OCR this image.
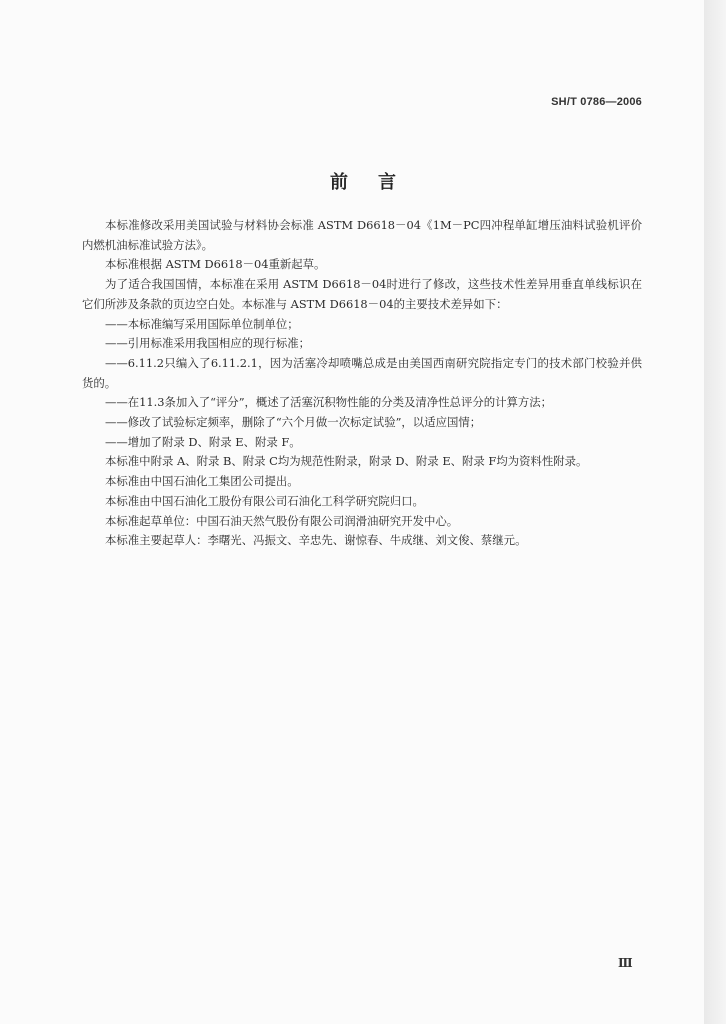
SH/T 0786—2006
前言

本标准修改采用美国试验与材料协会标准 ASTM D6618－04《1M－PC四冲程单缸增压油料试验机评价内燃机油标准试验方法》。

本标准根据 ASTM D6618－04重新起草。

为了适合我国国情，本标准在采用 ASTM D6618－04时进行了修改，这些技术性差异用垂直单线标识在它们所涉及条款的页边空白处。本标准与 ASTM D6618－04的主要技术差异如下：

——本标准编写采用国际单位制单位；

——引用标准采用我国相应的现行标准；

——6.11.2只编入了6.11.2.1，因为活塞冷却喷嘴总成是由美国西南研究院指定专门的技术部门校验并供货的。

——在11.3条加入了“评分”，概述了活塞沉积物性能的分类及清净性总评分的计算方法；

——修改了试验标定频率，删除了“六个月做一次标定试验”，以适应国情；

——增加了附录 D、附录 E、附录 F。

本标准中附录 A、附录 B、附录 C均为规范性附录，附录 D、附录 E、附录 F均为资料性附录。

本标准由中国石油化工集团公司提出。

本标准由中国石油化工股份有限公司石油化工科学研究院归口。

本标准起草单位：中国石油天然气股份有限公司润滑油研究开发中心。

本标准主要起草人：李曙光、冯振文、辛忠先、谢惊春、牛成继、刘文俊、蔡继元。

Ⅲ
